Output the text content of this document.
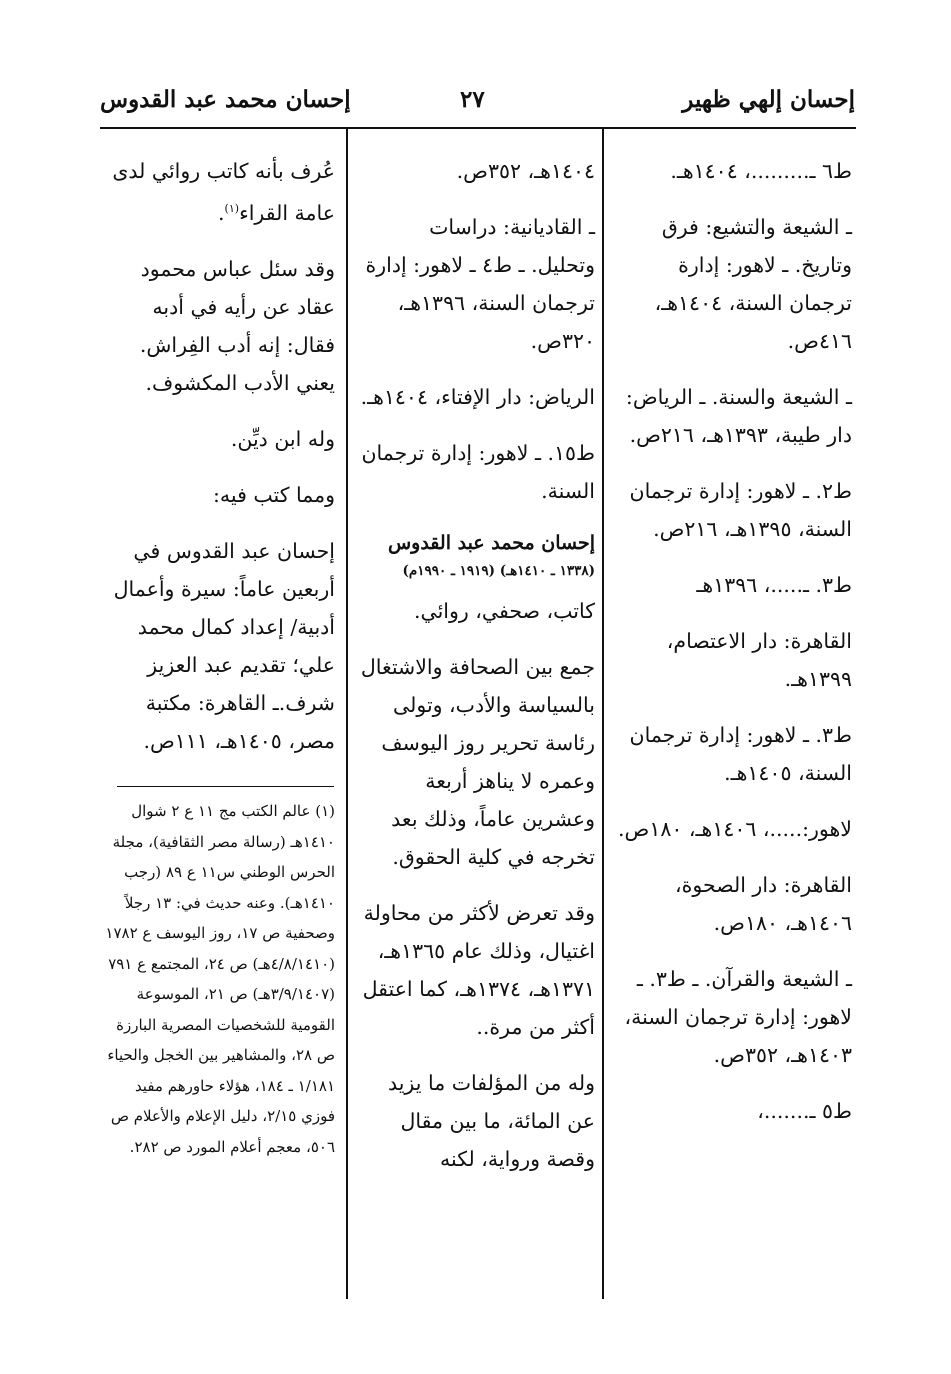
إحسان إلهي ظهير
٢٧
إحسان محمد عبد القدوس

ط٦ ـ.........، ١٤٠٤هـ.

ـ الشيعة والتشيع: فرق وتاريخ. ـ لاهور: إدارة ترجمان السنة، ١٤٠٤هـ، ٤١٦ص.

ـ الشيعة والسنة. ـ الرياض: دار طيبة، ١٣٩٣هـ، ٢١٦ص.

ط٢. ـ لاهور: إدارة ترجمان السنة، ١٣٩٥هـ، ٢١٦ص.

ط٣. ـ.....، ١٣٩٦هـ

القاهرة: دار الاعتصام، ١٣٩٩هـ.

ط٣. ـ لاهور: إدارة ترجمان السنة، ١٤٠٥هـ.

لاهور:.....، ١٤٠٦هـ، ١٨٠ص.

القاهرة: دار الصحوة، ١٤٠٦هـ، ١٨٠ص.

ـ الشيعة والقرآن. ـ ط٣. ـ لاهور: إدارة ترجمان السنة، ١٤٠٣هـ، ٣٥٢ص.

ط٥ ـ.......،

١٤٠٤هـ، ٣٥٢ص.

ـ القاديانية: دراسات وتحليل. ـ ط٤ ـ لاهور: إدارة ترجمان السنة، ١٣٩٦هـ، ٣٢٠ص.

الرياض: دار الإفتاء، ١٤٠٤هـ.

ط١٥. ـ لاهور: إدارة ترجمان السنة.

إحسان محمد عبد القدوس

(١٣٣٨ ـ ١٤١٠هـ) (١٩١٩ ـ ١٩٩٠م)

كاتب، صحفي، روائي.

جمع بين الصحافة والاشتغال بالسياسة والأدب، وتولى رئاسة تحرير روز اليوسف وعمره لا يناهز أربعة وعشرين عاماً، وذلك بعد تخرجه في كلية الحقوق.

وقد تعرض لأكثر من محاولة اغتيال، وذلك عام ١٣٦٥هـ، ١٣٧١هـ، ١٣٧٤هـ، كما اعتقل أكثر من مرة..

وله من المؤلفات ما يزيد عن المائة، ما بين مقال وقصة ورواية، لكنه

عُرف بأنه كاتب روائي لدى عامة القراء$^{(١)}$.

وقد سئل عباس محمود عقاد عن رأيه في أدبه فقال: إنه أدب الفِراش. يعني الأدب المكشوف.

وله ابن ديِّن.

ومما كتب فيه:

إحسان عبد القدوس في أربعين عاماً: سيرة وأعمال أدبية/ إعداد كمال محمد علي؛ تقديم عبد العزيز شرف.ـ القاهرة: مكتبة مصر، ١٤٠٥هـ، ١١١ص.

(١) عالم الكتب مج ١١ ع ٢ شوال ١٤١٠هـ (رسالة مصر الثقافية)، مجلة الحرس الوطني س١١ ع ٨٩ (رجب ١٤١٠هـ). وعنه حديث في: ١٣ رجلاً وصحفية ص ١٧، روز اليوسف ع ١٧٨٢ (٤/٨/١٤١٠هـ) ص ٢٤، المجتمع ع ٧٩١ (٣/٩/١٤٠٧هـ) ص ٢١، الموسوعة القومية للشخصيات المصرية البارزة ص ٢٨، والمشاهير بين الخجل والحياء ١/١٨١ ـ ١٨٤، هؤلاء حاورهم مفيد فوزي ٢/١٥، دليل الإعلام والأعلام ص ٥٠٦، معجم أعلام المورد ص ٢٨٢.
